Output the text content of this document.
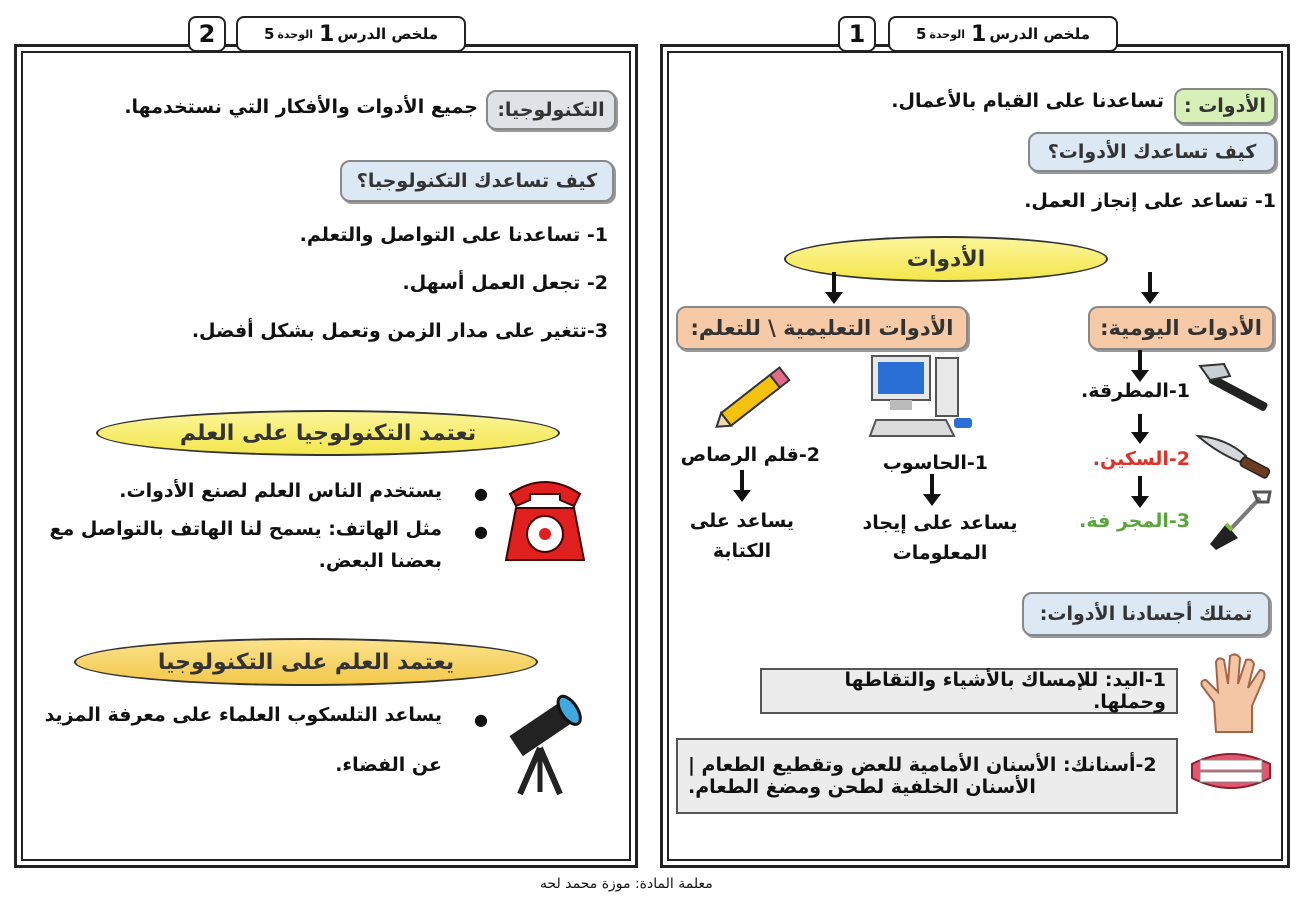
ملخص الدرس
1
الوحدة
5
1
الأدوات :
تساعدنا على القيام بالأعمال.
كيف تساعدك الأدوات؟
1- تساعد على إنجاز العمل.
الأدوات
الأدوات اليومية:
الأدوات التعليمية \ للتعلم:
1-المطرقة.
2-السكين.
3-المجر فة.
1-الحاسوب
يساعد على إيجاد
المعلومات
2-قلم الرصاص
يساعد على
الكتابة
تمتلك أجسادنا الأدوات:
1-اليد: للإمساك بالأشياء والتقاطها وحملها.
2-أسنانك: الأسنان الأمامية للعض وتقطيع الطعام |
الأسنان الخلفية لطحن ومضغ الطعام.
ملخص الدرس
1
الوحدة
5
2
التكنولوجيا:
جميع الأدوات والأفكار التي نستخدمها.
كيف تساعدك التكنولوجيا؟
1- تساعدنا على التواصل والتعلم.
2- تجعل العمل أسهل.
3-تتغير على مدار الزمن وتعمل بشكل أفضل.
تعتمد التكنولوجيا على العلم
●
يستخدم الناس العلم لصنع الأدوات.
●
مثل الهاتف: يسمح لنا الهاتف بالتواصل مع
بعضنا البعض.
يعتمد العلم على التكنولوجيا
●
يساعد التلسكوب العلماء على معرفة المزيد
عن الفضاء.
معلمة المادة: موزة محمد لحه
